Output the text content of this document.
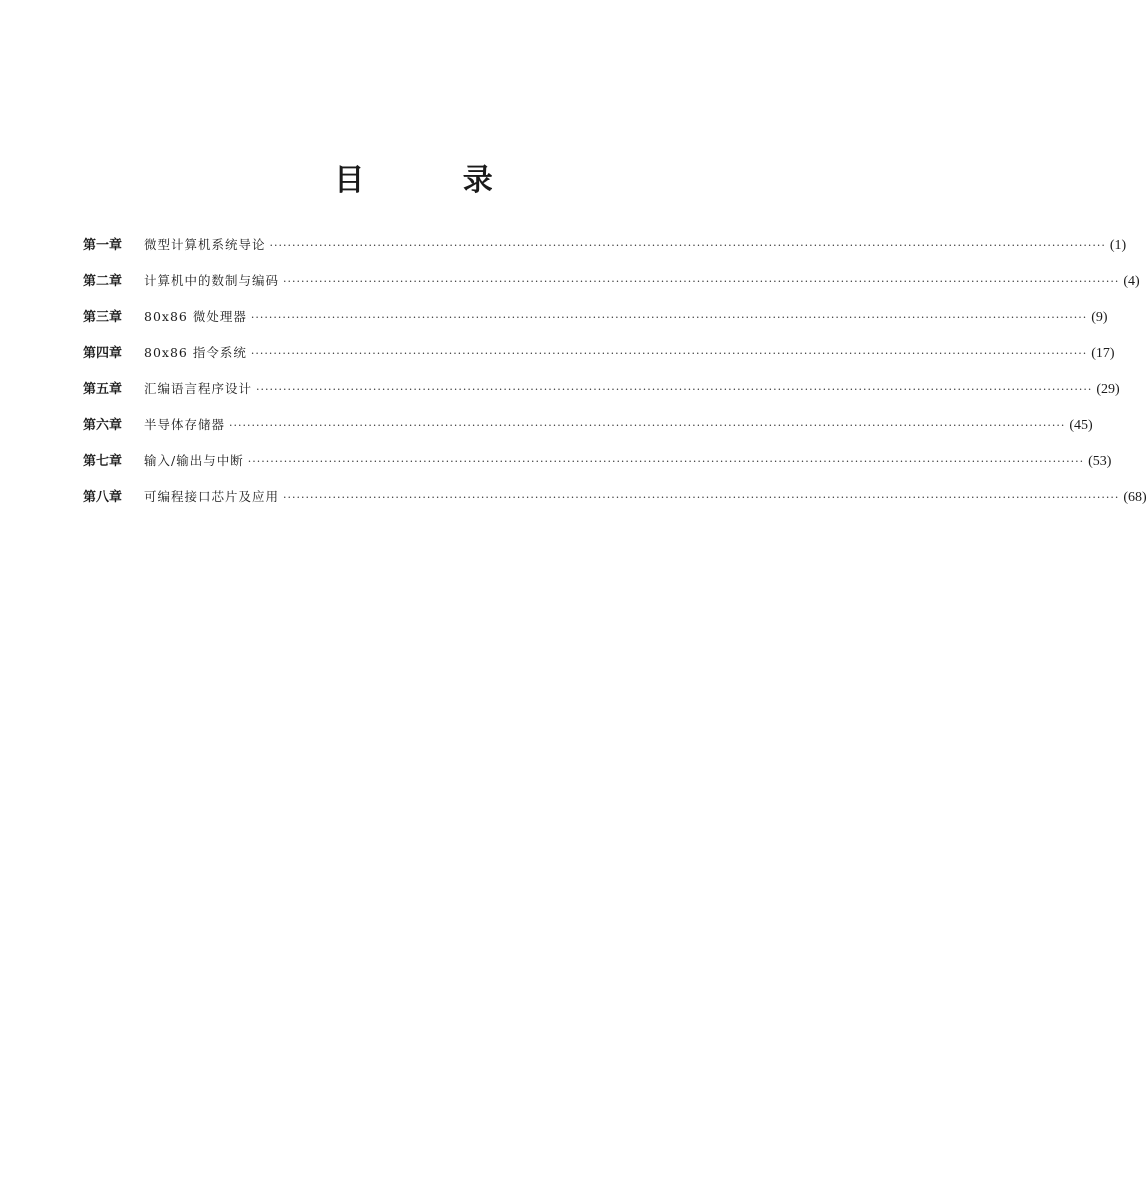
目 录
第一章	微型计算机系统导论 ·························································································································································································· (1)
第二章	计算机中的数制与编码 ·························································································································································································· (4)
第三章	80x86 微处理器 ·························································································································································································· (9)
第四章	80x86 指令系统 ·························································································································································································· (17)
第五章	汇编语言程序设计 ·························································································································································································· (29)
第六章	半导体存储器 ·························································································································································································· (45)
第七章	输入/输出与中断 ·························································································································································································· (53)
第八章	可编程接口芯片及应用 ·························································································································································································· (68)
